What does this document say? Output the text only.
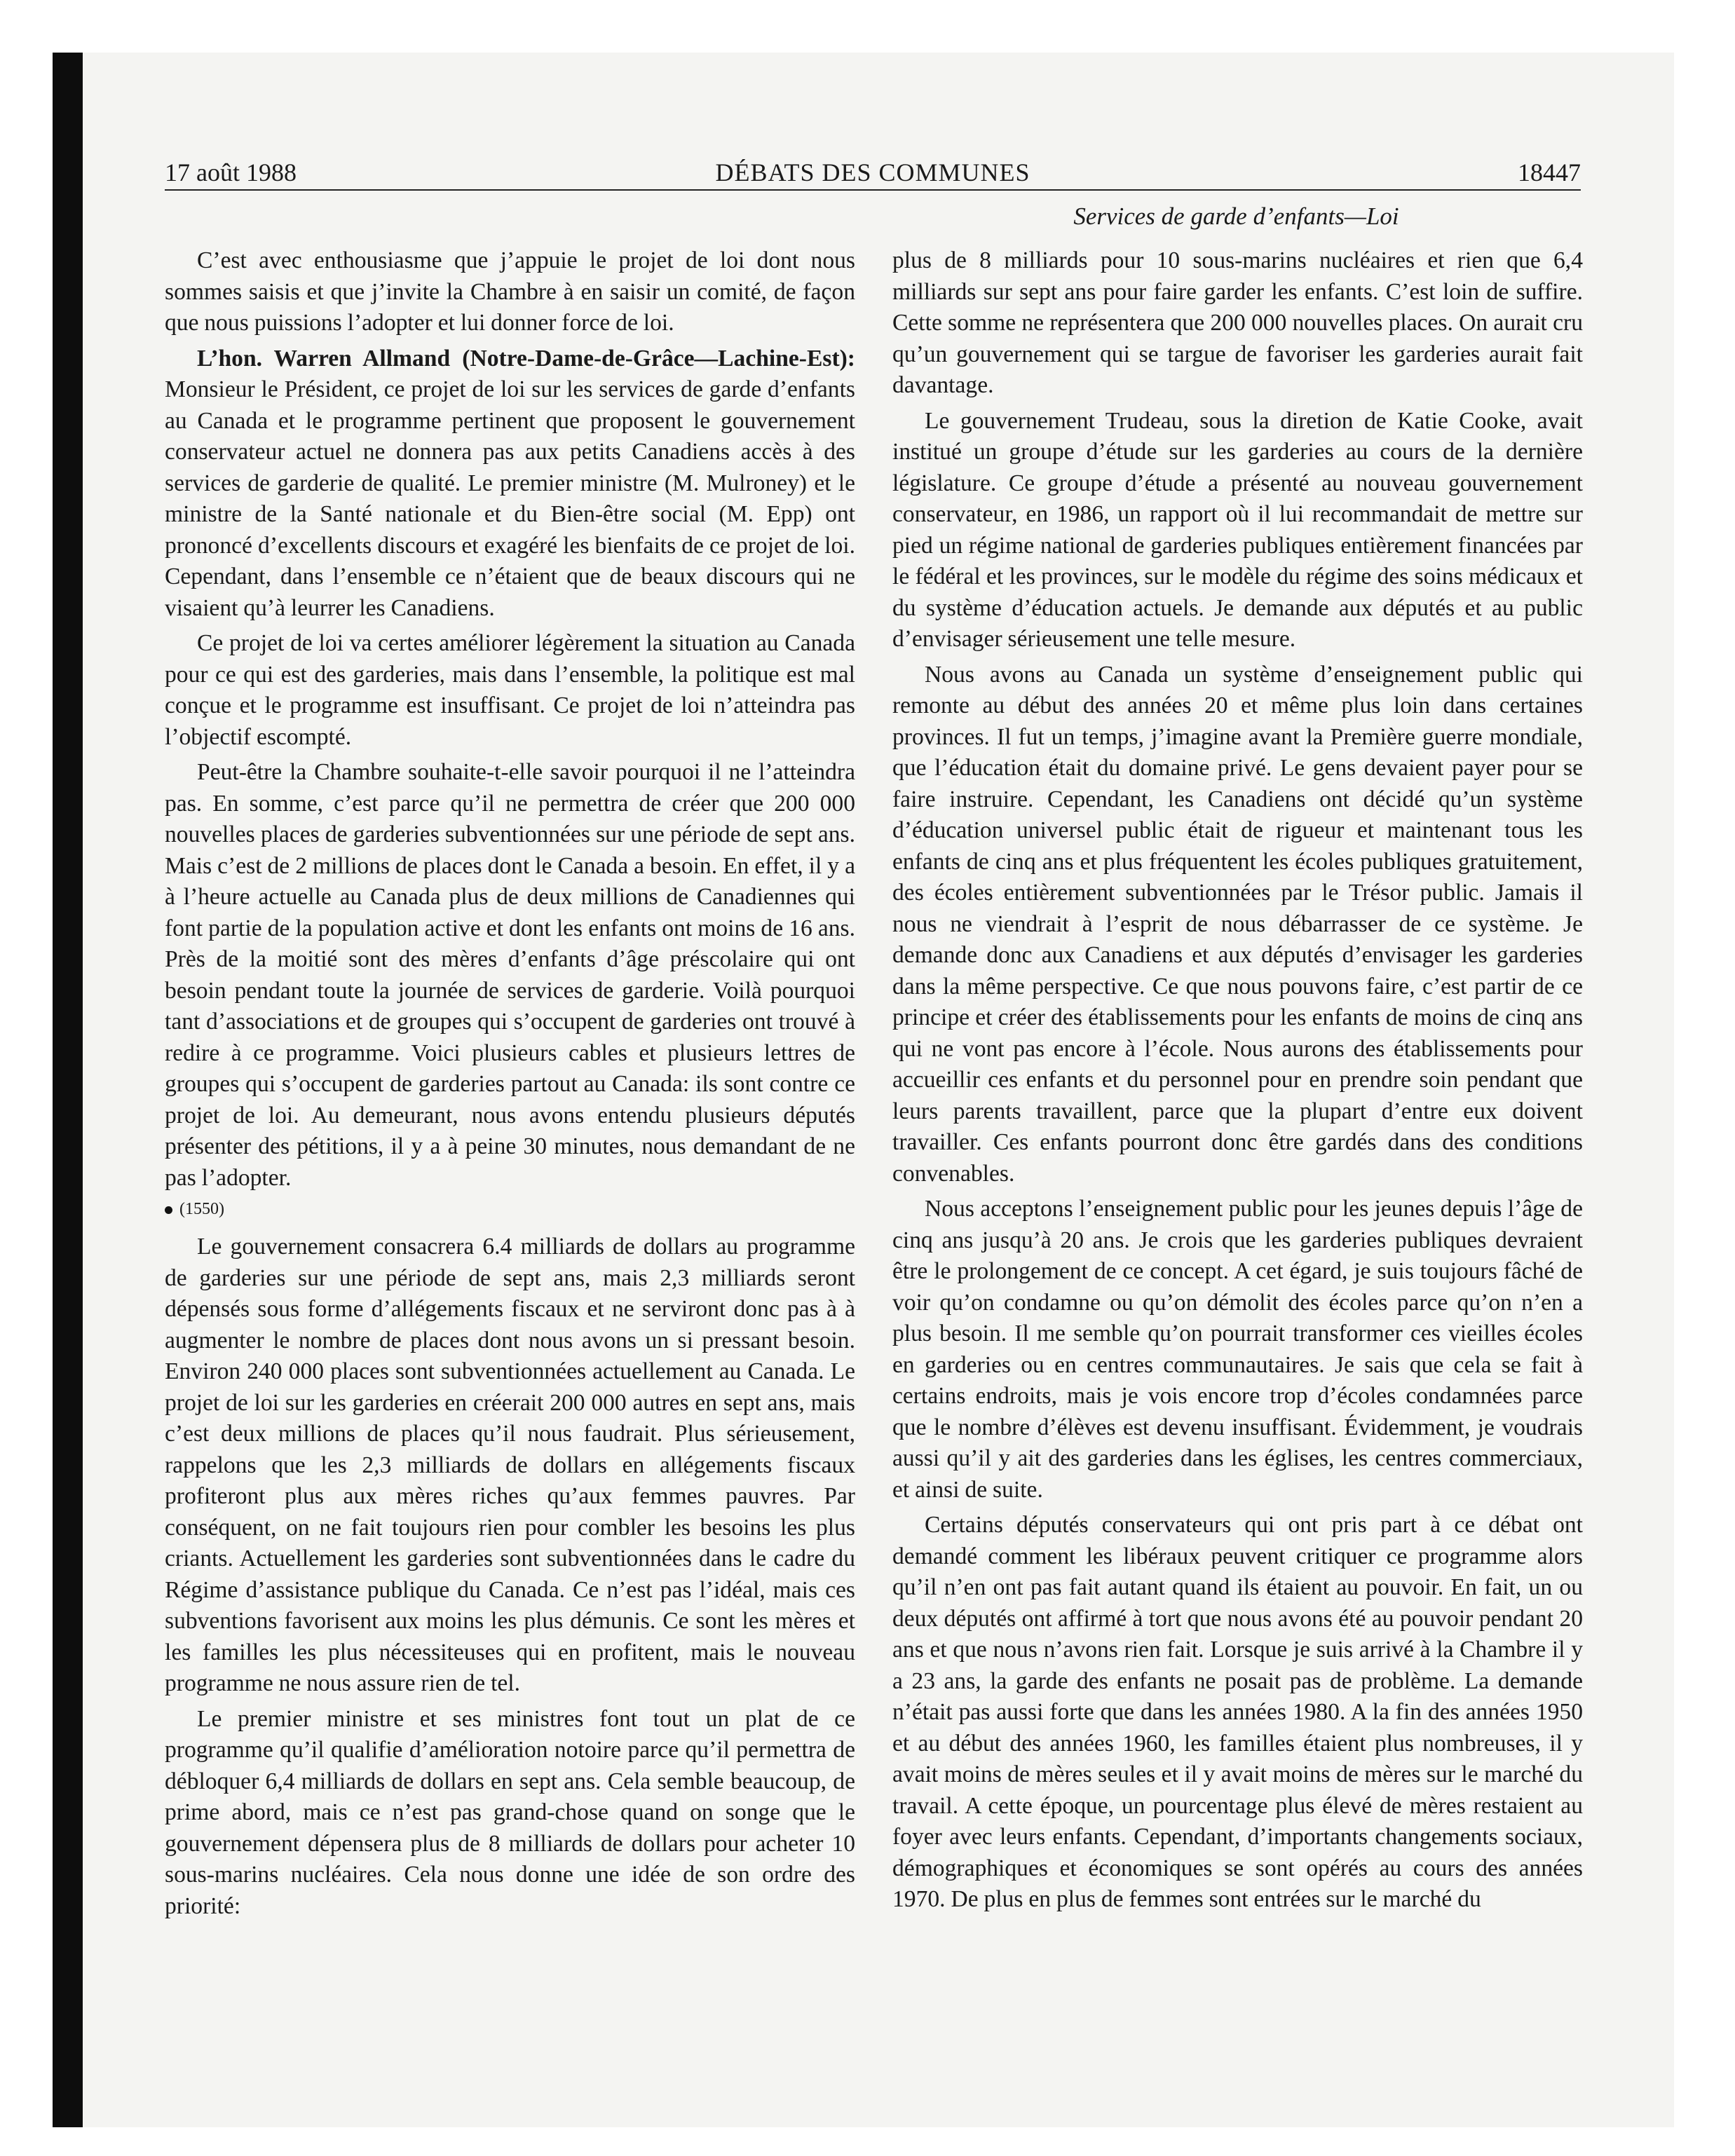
17 août 1988	DÉBATS DES COMMUNES	18447
Services de garde d’enfants—Loi

C’est avec enthousiasme que j’appuie le projet de loi dont nous sommes saisis et que j’invite la Chambre à en saisir un comité, de façon que nous puissions l’adopter et lui donner force de loi.

L’hon. Warren Allmand (Notre-Dame-de-Grâce—Lachine-Est): Monsieur le Président, ce projet de loi sur les services de garde d’enfants au Canada et le programme pertinent que proposent le gouvernement conservateur actuel ne donnera pas aux petits Canadiens accès à des services de garderie de qualité. Le premier ministre (M. Mulroney) et le ministre de la Santé nationale et du Bien-être social (M. Epp) ont prononcé d’excellents discours et exagéré les bienfaits de ce projet de loi. Cependant, dans l’ensemble ce n’étaient que de beaux discours qui ne visaient qu’à leurrer les Canadiens.

Ce projet de loi va certes améliorer légèrement la situation au Canada pour ce qui est des garderies, mais dans l’ensemble, la politique est mal conçue et le programme est insuffisant. Ce projet de loi n’atteindra pas l’objectif escompté.

Peut-être la Chambre souhaite-t-elle savoir pourquoi il ne l’atteindra pas. En somme, c’est parce qu’il ne permettra de créer que 200 000 nouvelles places de garderies subventionnées sur une période de sept ans. Mais c’est de 2 millions de places dont le Canada a besoin. En effet, il y a à l’heure actuelle au Canada plus de deux millions de Canadiennes qui font partie de la population active et dont les enfants ont moins de 16 ans. Près de la moitié sont des mères d’enfants d’âge préscolaire qui ont besoin pendant toute la journée de services de garderie. Voilà pourquoi tant d’associations et de groupes qui s’occupent de garderies ont trouvé à redire à ce programme. Voici plusieurs cables et plusieurs lettres de groupes qui s’occupent de garderies partout au Canada: ils sont contre ce projet de loi. Au demeurant, nous avons entendu plusieurs députés présenter des pétitions, il y a à peine 30 minutes, nous demandant de ne pas l’adopter.

(1550)

Le gouvernement consacrera 6.4 milliards de dollars au programme de garderies sur une période de sept ans, mais 2,3 milliards seront dépensés sous forme d’allégements fiscaux et ne serviront donc pas à à augmenter le nombre de places dont nous avons un si pressant besoin. Environ 240 000 places sont subventionnées actuellement au Canada. Le projet de loi sur les garderies en créerait 200 000 autres en sept ans, mais c’est deux millions de places qu’il nous faudrait. Plus sérieusement, rappelons que les 2,3 milliards de dollars en allégements fiscaux profiteront plus aux mères riches qu’aux femmes pauvres. Par conséquent, on ne fait toujours rien pour combler les besoins les plus criants. Actuellement les garderies sont subventionnées dans le cadre du Régime d’assistance publique du Canada. Ce n’est pas l’idéal, mais ces subventions favorisent aux moins les plus démunis. Ce sont les mères et les familles les plus nécessiteuses qui en profitent, mais le nouveau programme ne nous assure rien de tel.

Le premier ministre et ses ministres font tout un plat de ce programme qu’il qualifie d’amélioration notoire parce qu’il permettra de débloquer 6,4 milliards de dollars en sept ans. Cela semble beaucoup, de prime abord, mais ce n’est pas grand-chose quand on songe que le gouvernement dépensera plus de 8 milliards de dollars pour acheter 10 sous-marins nucléaires. Cela nous donne une idée de son ordre des priorité:

plus de 8 milliards pour 10 sous-marins nucléaires et rien que 6,4 milliards sur sept ans pour faire garder les enfants. C’est loin de suffire. Cette somme ne représentera que 200 000 nouvelles places. On aurait cru qu’un gouvernement qui se targue de favoriser les garderies aurait fait davantage.

Le gouvernement Trudeau, sous la diretion de Katie Cooke, avait institué un groupe d’étude sur les garderies au cours de la dernière législature. Ce groupe d’étude a présenté au nouveau gouvernement conservateur, en 1986, un rapport où il lui recommandait de mettre sur pied un régime national de garderies publiques entièrement financées par le fédéral et les provinces, sur le modèle du régime des soins médicaux et du système d’éducation actuels. Je demande aux députés et au public d’envisager sérieusement une telle mesure.

Nous avons au Canada un système d’enseignement public qui remonte au début des années 20 et même plus loin dans certaines provinces. Il fut un temps, j’imagine avant la Première guerre mondiale, que l’éducation était du domaine privé. Le gens devaient payer pour se faire instruire. Cependant, les Canadiens ont décidé qu’un système d’éducation universel public était de rigueur et maintenant tous les enfants de cinq ans et plus fréquentent les écoles publiques gratuitement, des écoles entièrement subventionnées par le Trésor public. Jamais il nous ne viendrait à l’esprit de nous débarrasser de ce système. Je demande donc aux Canadiens et aux députés d’envisager les garderies dans la même perspective. Ce que nous pouvons faire, c’est partir de ce principe et créer des établissements pour les enfants de moins de cinq ans qui ne vont pas encore à l’école. Nous aurons des établissements pour accueillir ces enfants et du personnel pour en prendre soin pendant que leurs parents travaillent, parce que la plupart d’entre eux doivent travailler. Ces enfants pourront donc être gardés dans des conditions convenables.

Nous acceptons l’enseignement public pour les jeunes depuis l’âge de cinq ans jusqu’à 20 ans. Je crois que les garderies publiques devraient être le prolongement de ce concept. A cet égard, je suis toujours fâché de voir qu’on condamne ou qu’on démolit des écoles parce qu’on n’en a plus besoin. Il me semble qu’on pourrait transformer ces vieilles écoles en garderies ou en centres communautaires. Je sais que cela se fait à certains endroits, mais je vois encore trop d’écoles condamnées parce que le nombre d’élèves est devenu insuffisant. Évidemment, je voudrais aussi qu’il y ait des garderies dans les églises, les centres commerciaux, et ainsi de suite.

Certains députés conservateurs qui ont pris part à ce débat ont demandé comment les libéraux peuvent critiquer ce programme alors qu’il n’en ont pas fait autant quand ils étaient au pouvoir. En fait, un ou deux députés ont affirmé à tort que nous avons été au pouvoir pendant 20 ans et que nous n’avons rien fait. Lorsque je suis arrivé à la Chambre il y a 23 ans, la garde des enfants ne posait pas de problème. La demande n’était pas aussi forte que dans les années 1980. A la fin des années 1950 et au début des années 1960, les familles étaient plus nombreuses, il y avait moins de mères seules et il y avait moins de mères sur le marché du travail. A cette époque, un pourcentage plus élevé de mères restaient au foyer avec leurs enfants. Cependant, d’importants changements sociaux, démographiques et économiques se sont opérés au cours des années 1970. De plus en plus de femmes sont entrées sur le marché du
